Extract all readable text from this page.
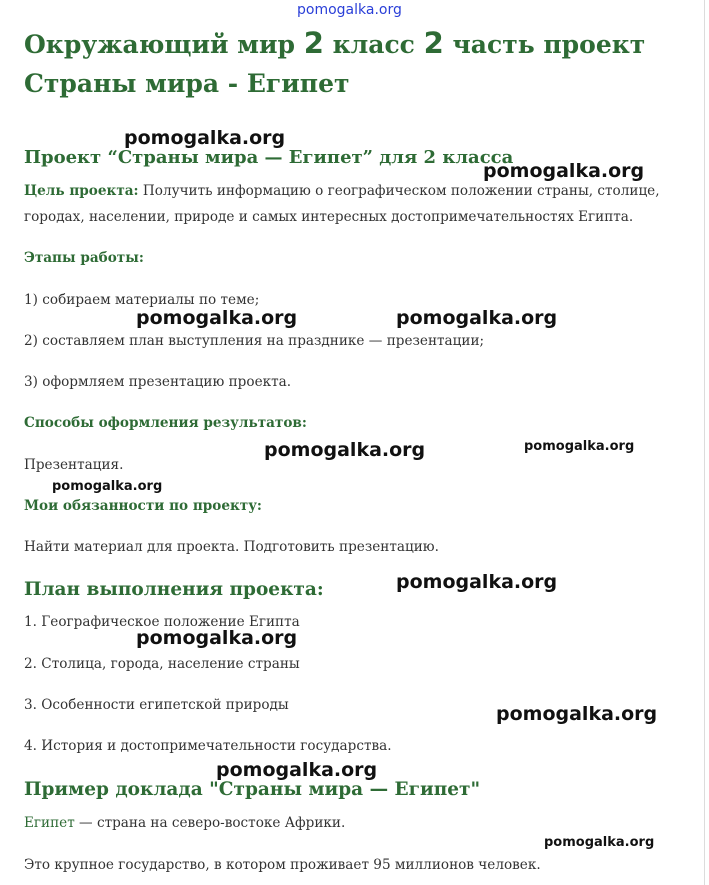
pomogalka.org
Окружающий мир 2 класс 2 часть проект Страны мира - Египет
Проект “Страны мира — Египет” для 2 класса
Цель проекта: Получить информацию о географическом положении страны, столице, городах, населении, природе и самых интересных достопримечательностях Египта.
Этапы работы:
1) собираем материалы по теме;
2) составляем план выступления на празднике — презентации;
3) оформляем презентацию проекта.
Способы оформления результатов:
Презентация.
Мои обязанности по проекту:
Найти материал для проекта. Подготовить презентацию.
План выполнения проекта:
1. Географическое положение Египта
2. Столица, города, население страны
3. Особенности египетской природы
4. История и достопримечательности государства.
Пример доклада "Страны мира — Египет"
Египет — страна на северо-востоке Африки.
Это крупное государство, в котором проживает 95 миллионов человек.
pomogalka.org
pomogalka.org
pomogalka.org	pomogalka.org
pomogalka.org	pomogalka.org
pomogalka.org
pomogalka.org
pomogalka.org
pomogalka.org
pomogalka.org
pomogalka.org
